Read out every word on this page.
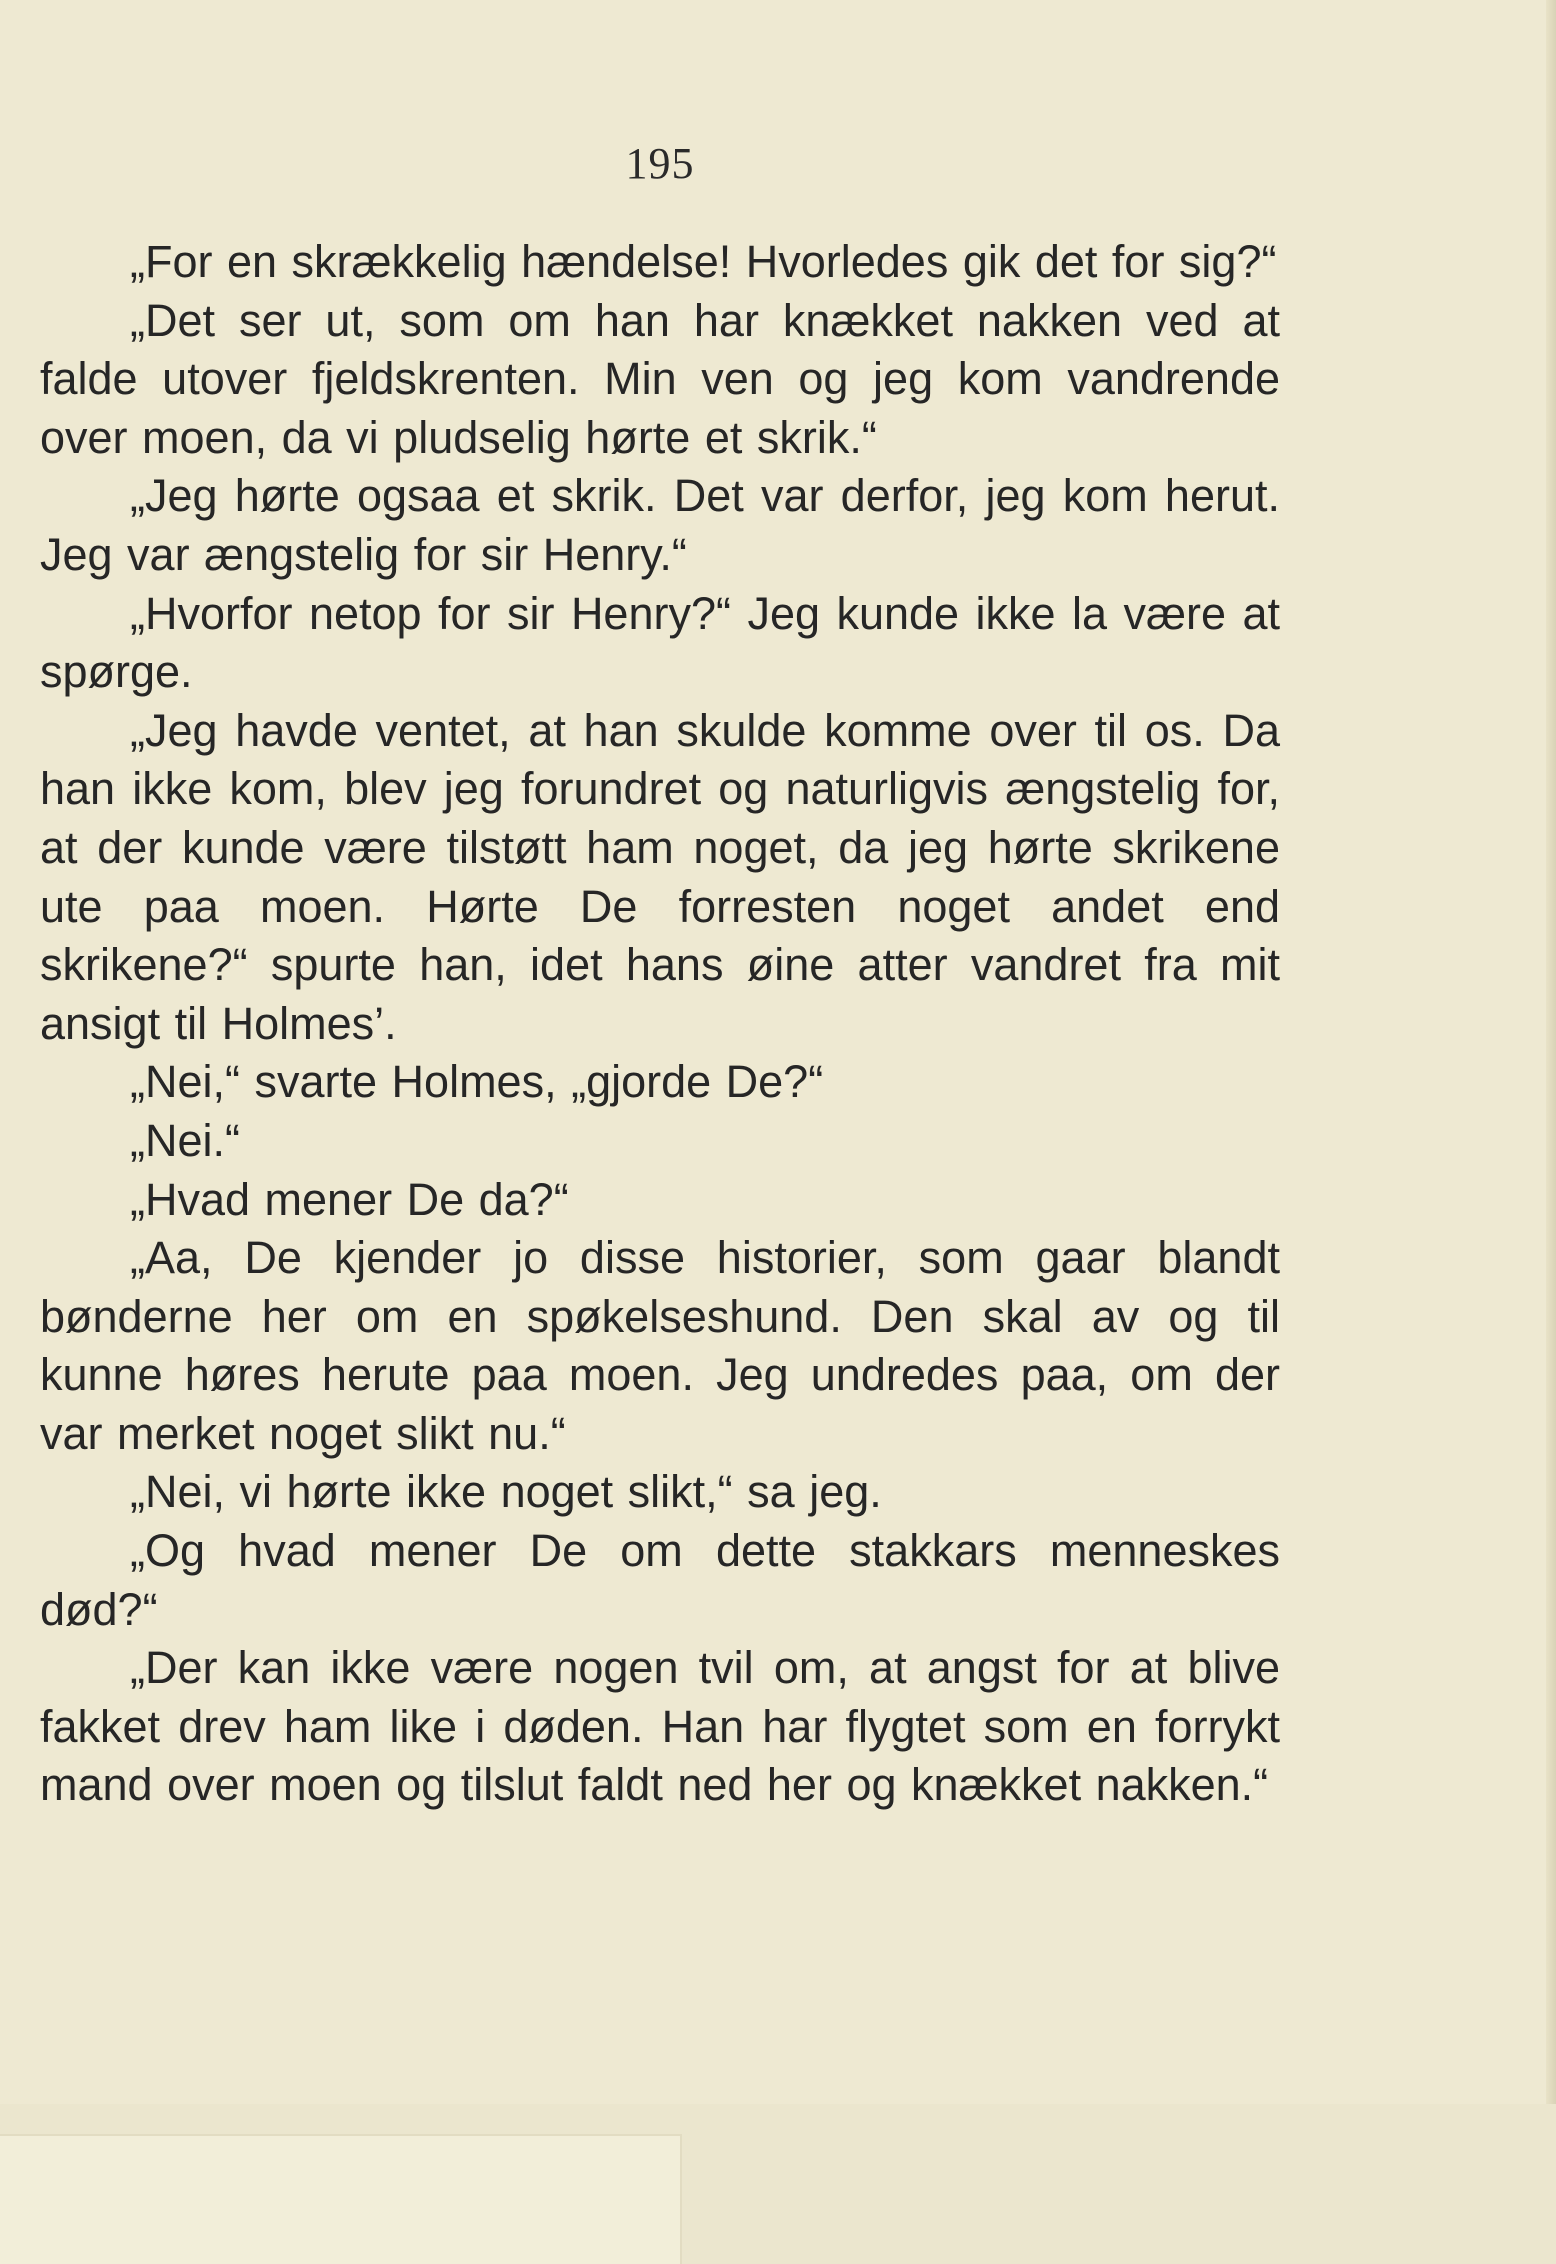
195

„For en skrækkelig hændelse! Hvorledes gik det for sig?“

„Det ser ut, som om han har knækket nakken ved at falde utover fjeldskrenten. Min ven og jeg kom vandrende over moen, da vi pludselig hørte et skrik.“

„Jeg hørte ogsaa et skrik. Det var derfor, jeg kom herut. Jeg var ængstelig for sir Henry.“

„Hvorfor netop for sir Henry?“ Jeg kunde ikke la være at spørge.

„Jeg havde ventet, at han skulde komme over til os. Da han ikke kom, blev jeg forundret og naturligvis ængstelig for, at der kunde være tilstøtt ham noget, da jeg hørte skrikene ute paa moen. Hørte De forresten noget andet end skrikene?“ spurte han, idet hans øine atter vandret fra mit ansigt til Holmes’.

„Nei,“ svarte Holmes, „gjorde De?“

„Nei.“

„Hvad mener De da?“

„Aa, De kjender jo disse historier, som gaar blandt bønderne her om en spøkelseshund. Den skal av og til kunne høres herute paa moen. Jeg undredes paa, om der var merket noget slikt nu.“

„Nei, vi hørte ikke noget slikt,“ sa jeg.

„Og hvad mener De om dette stakkars menneskes død?“

„Der kan ikke være nogen tvil om, at angst for at blive fakket drev ham like i døden. Han har flygtet som en forrykt mand over moen og tilslut faldt ned her og knækket nakken.“
